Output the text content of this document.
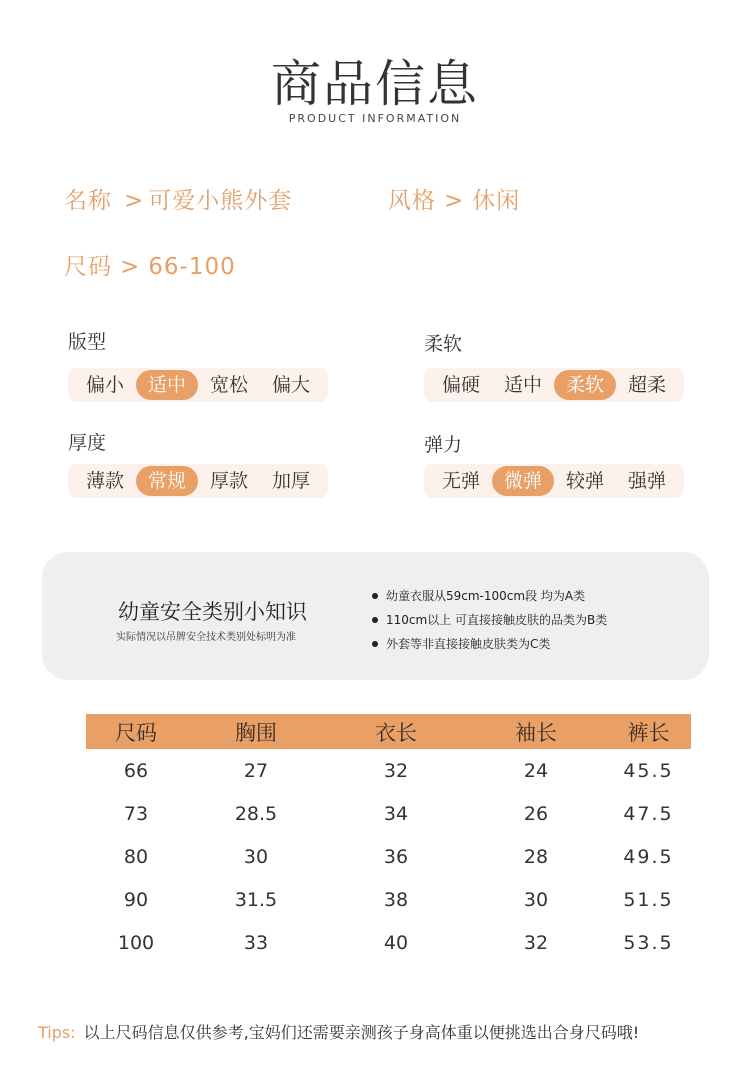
商品信息
PRODUCT INFORMATION
名称 > 可爱小熊外套	风格 > 休闲
尺码 > 66-100
版型
偏小	适中	宽松	偏大
柔软
偏硬	适中	柔软	超柔
厚度
薄款	常规	厚款	加厚
弹力
无弹	微弹	较弹	强弹
幼童安全类别小知识
实际情况以吊牌安全技术类别处标明为准
幼童衣服从59cm-100cm段 均为A类
110cm以上 可直接接触皮肤的品类为B类
外套等非直接接触皮肤类为C类
尺码	胸围	衣长	袖长	裤长
66	27	32	24	45.5
73	28.5	34	26	47.5
80	30	36	28	49.5
90	31.5	38	30	51.5
100	33	40	32	53.5
Tips: 以上尺码信息仅供参考,宝妈们还需要亲测孩子身高体重以便挑选出合身尺码哦!
